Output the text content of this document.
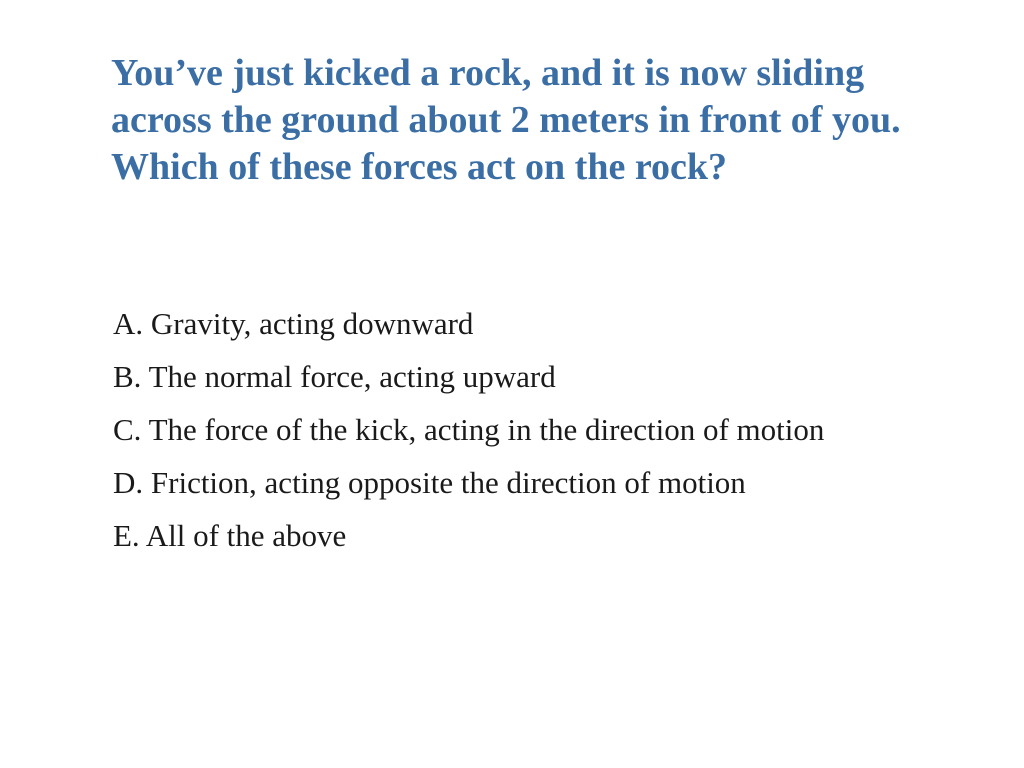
You’ve just kicked a rock, and it is now sliding across the ground about 2 meters in front of you. Which of these forces act on the rock?
A. Gravity, acting downward
B. The normal force, acting upward
C. The force of the kick, acting in the direction of motion
D. Friction, acting opposite the direction of motion
E. All of the above
